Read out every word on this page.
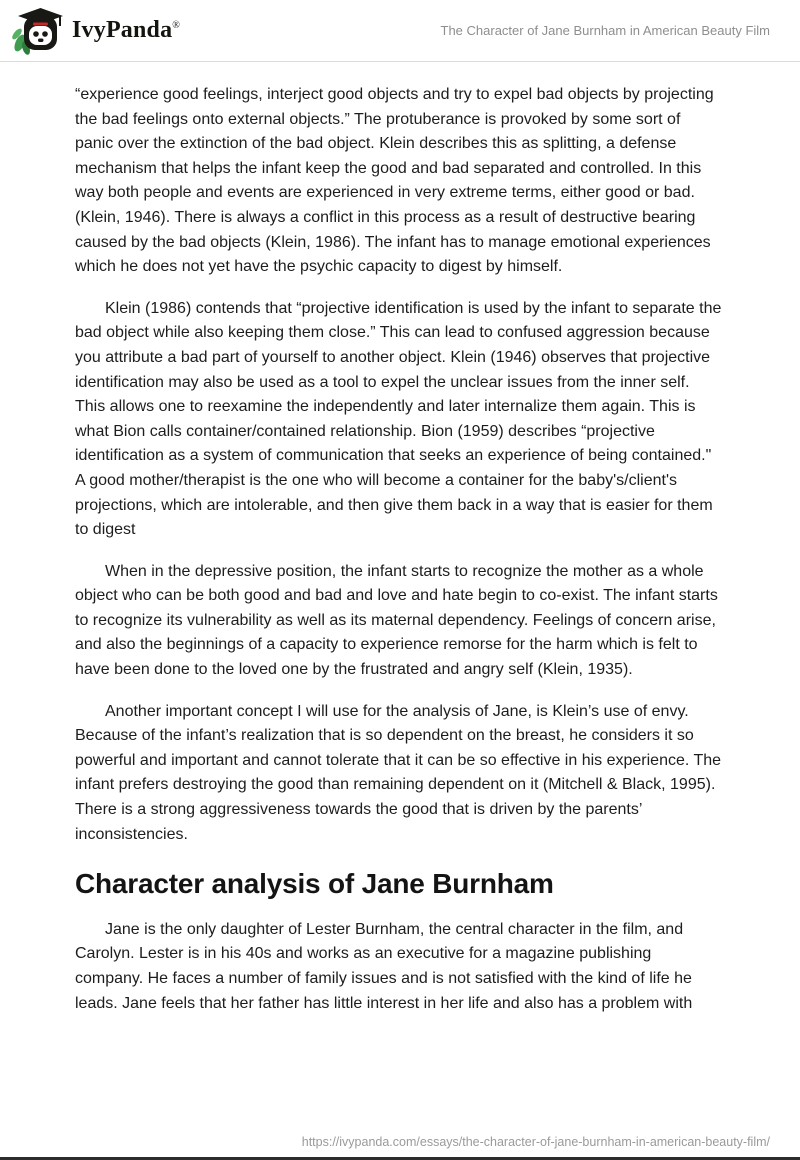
IvyPanda®	The Character of Jane Burnham in American Beauty Film

“experience good feelings, interject good objects and try to expel bad objects by projecting the bad feelings onto external objects.” The protuberance is provoked by some sort of panic over the extinction of the bad object. Klein describes this as splitting, a defense mechanism that helps the infant keep the good and bad separated and controlled. In this way both people and events are experienced in very extreme terms, either good or bad. (Klein, 1946). There is always a conflict in this process as a result of destructive bearing caused by the bad objects (Klein, 1986). The infant has to manage emotional experiences which he does not yet have the psychic capacity to digest by himself.

Klein (1986) contends that “projective identification is used by the infant to separate the bad object while also keeping them close.” This can lead to confused aggression because you attribute a bad part of yourself to another object. Klein (1946) observes that projective identification may also be used as a tool to expel the unclear issues from the inner self. This allows one to reexamine the independently and later internalize them again. This is what Bion calls container/contained relationship. Bion (1959) describes “projective identification as a system of communication that seeks an experience of being contained." A good mother/therapist is the one who will become a container for the baby's/client's projections, which are intolerable, and then give them back in a way that is easier for them to digest

When in the depressive position, the infant starts to recognize the mother as a whole object who can be both good and bad and love and hate begin to co-exist. The infant starts to recognize its vulnerability as well as its maternal dependency. Feelings of concern arise, and also the beginnings of a capacity to experience remorse for the harm which is felt to have been done to the loved one by the frustrated and angry self (Klein, 1935).

Another important concept I will use for the analysis of Jane, is Klein’s use of envy. Because of the infant’s realization that is so dependent on the breast, he considers it so powerful and important and cannot tolerate that it can be so effective in his experience. The infant prefers destroying the good than remaining dependent on it (Mitchell & Black, 1995). There is a strong aggressiveness towards the good that is driven by the parents’ inconsistencies.

Character analysis of Jane Burnham

Jane is the only daughter of Lester Burnham, the central character in the film, and Carolyn. Lester is in his 40s and works as an executive for a magazine publishing company. He faces a number of family issues and is not satisfied with the kind of life he leads. Jane feels that her father has little interest in her life and also has a problem with

https://ivypanda.com/essays/the-character-of-jane-burnham-in-american-beauty-film/
